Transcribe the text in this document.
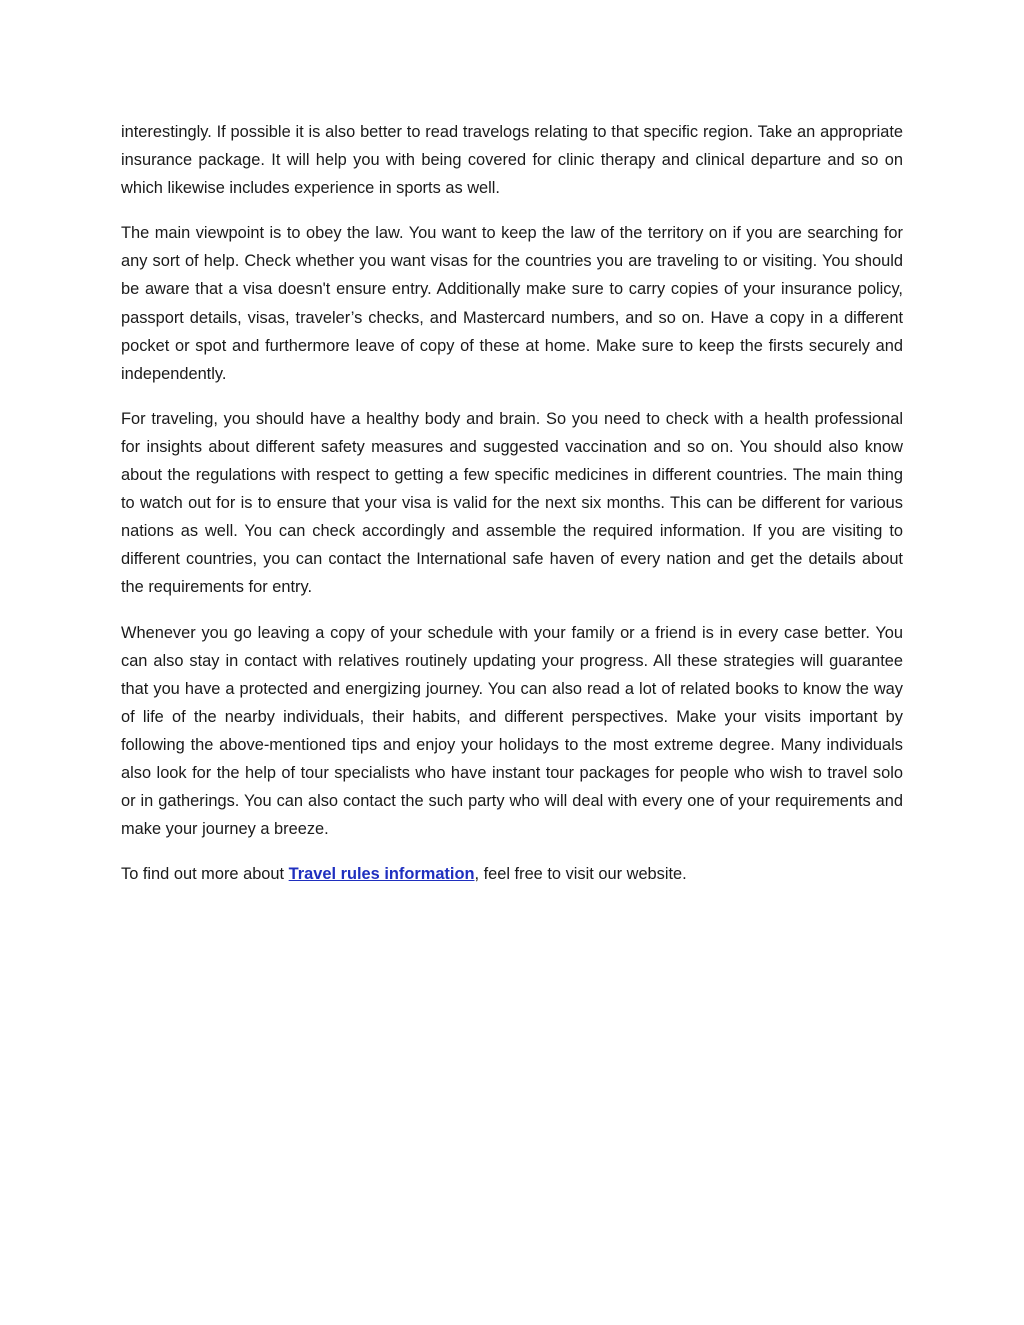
interestingly. If possible it is also better to read travelogs relating to that specific region. Take an appropriate insurance package. It will help you with being covered for clinic therapy and clinical departure and so on which likewise includes experience in sports as well.

The main viewpoint is to obey the law. You want to keep the law of the territory on if you are searching for any sort of help. Check whether you want visas for the countries you are traveling to or visiting. You should be aware that a visa doesn't ensure entry. Additionally make sure to carry copies of your insurance policy, passport details, visas, traveler’s checks, and Mastercard numbers, and so on. Have a copy in a different pocket or spot and furthermore leave of copy of these at home. Make sure to keep the firsts securely and independently.

For traveling, you should have a healthy body and brain. So you need to check with a health professional for insights about different safety measures and suggested vaccination and so on. You should also know about the regulations with respect to getting a few specific medicines in different countries. The main thing to watch out for is to ensure that your visa is valid for the next six months. This can be different for various nations as well. You can check accordingly and assemble the required information. If you are visiting to different countries, you can contact the International safe haven of every nation and get the details about the requirements for entry.

Whenever you go leaving a copy of your schedule with your family or a friend is in every case better. You can also stay in contact with relatives routinely updating your progress. All these strategies will guarantee that you have a protected and energizing journey. You can also read a lot of related books to know the way of life of the nearby individuals, their habits, and different perspectives. Make your visits important by following the above-mentioned tips and enjoy your holidays to the most extreme degree. Many individuals also look for the help of tour specialists who have instant tour packages for people who wish to travel solo or in gatherings. You can also contact the such party who will deal with every one of your requirements and make your journey a breeze.

To find out more about Travel rules information, feel free to visit our website.
